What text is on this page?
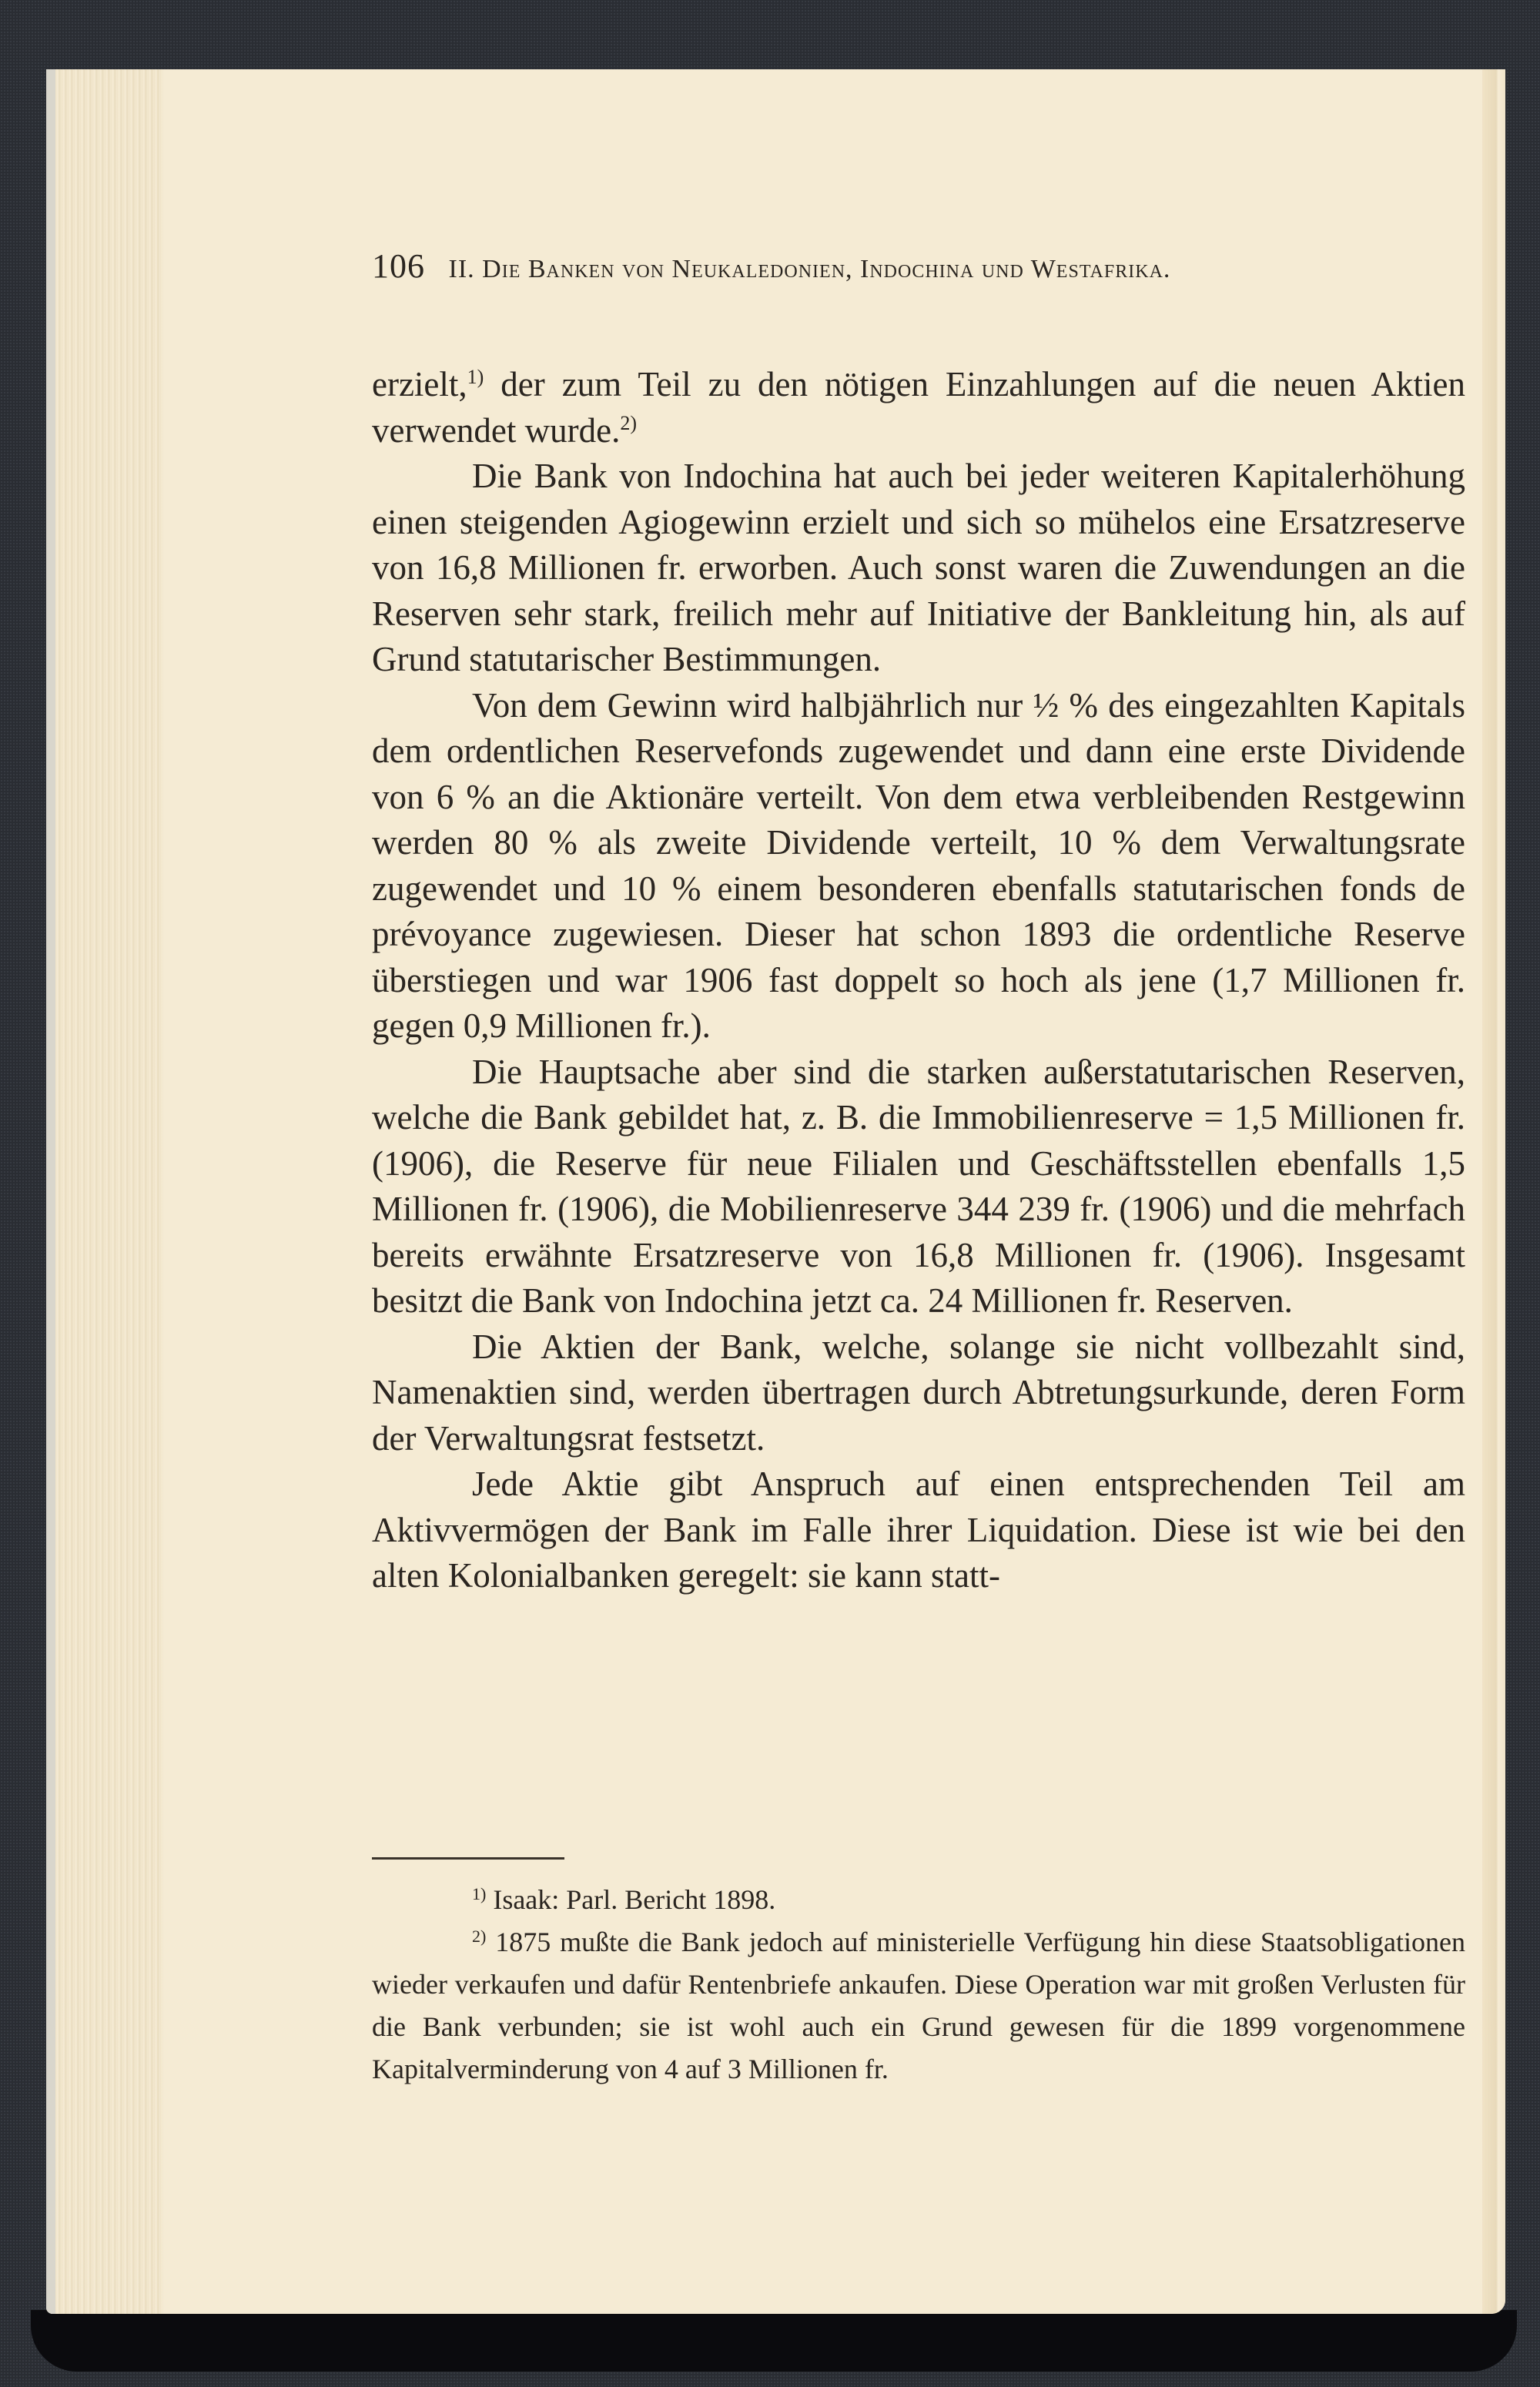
106 II. Die Banken von Neukaledonien, Indochina und Westafrika.

erzielt,$^{1)}$ der zum Teil zu den nötigen Einzahlungen auf die neuen Aktien verwendet wurde.$^{2)}$

Die Bank von Indochina hat auch bei jeder weiteren Kapitalerhöhung einen steigenden Agiogewinn erzielt und sich so mühelos eine Ersatzreserve von 16,8 Millionen fr. erworben. Auch sonst waren die Zuwendungen an die Reserven sehr stark, freilich mehr auf Initiative der Bankleitung hin, als auf Grund statutarischer Bestimmungen.

Von dem Gewinn wird halbjährlich nur ½ % des eingezahlten Kapitals dem ordentlichen Reservefonds zugewendet und dann eine erste Dividende von 6 % an die Aktionäre verteilt. Von dem etwa verbleibenden Restgewinn werden 80 % als zweite Dividende verteilt, 10 % dem Verwaltungsrate zugewendet und 10 % einem besonderen ebenfalls statutarischen fonds de prévoyance zugewiesen. Dieser hat schon 1893 die ordentliche Reserve überstiegen und war 1906 fast doppelt so hoch als jene (1,7 Millionen fr. gegen 0,9 Millionen fr.).

Die Hauptsache aber sind die starken außerstatutarischen Reserven, welche die Bank gebildet hat, z. B. die Immobilienreserve = 1,5 Millionen fr. (1906), die Reserve für neue Filialen und Geschäftsstellen ebenfalls 1,5 Millionen fr. (1906), die Mobilienreserve 344 239 fr. (1906) und die mehrfach bereits erwähnte Ersatzreserve von 16,8 Millionen fr. (1906). Insgesamt besitzt die Bank von Indochina jetzt ca. 24 Millionen fr. Reserven.

Die Aktien der Bank, welche, solange sie nicht vollbezahlt sind, Namenaktien sind, werden übertragen durch Abtretungsurkunde, deren Form der Verwaltungsrat festsetzt.

Jede Aktie gibt Anspruch auf einen entsprechenden Teil am Aktivvermögen der Bank im Falle ihrer Liquidation. Diese ist wie bei den alten Kolonialbanken geregelt: sie kann statt-

$^{1)}$ Isaak: Parl. Bericht 1898.

$^{2)}$ 1875 mußte die Bank jedoch auf ministerielle Verfügung hin diese Staatsobligationen wieder verkaufen und dafür Rentenbriefe ankaufen. Diese Operation war mit großen Verlusten für die Bank verbunden; sie ist wohl auch ein Grund gewesen für die 1899 vorgenommene Kapitalverminderung von 4 auf 3 Millionen fr.
